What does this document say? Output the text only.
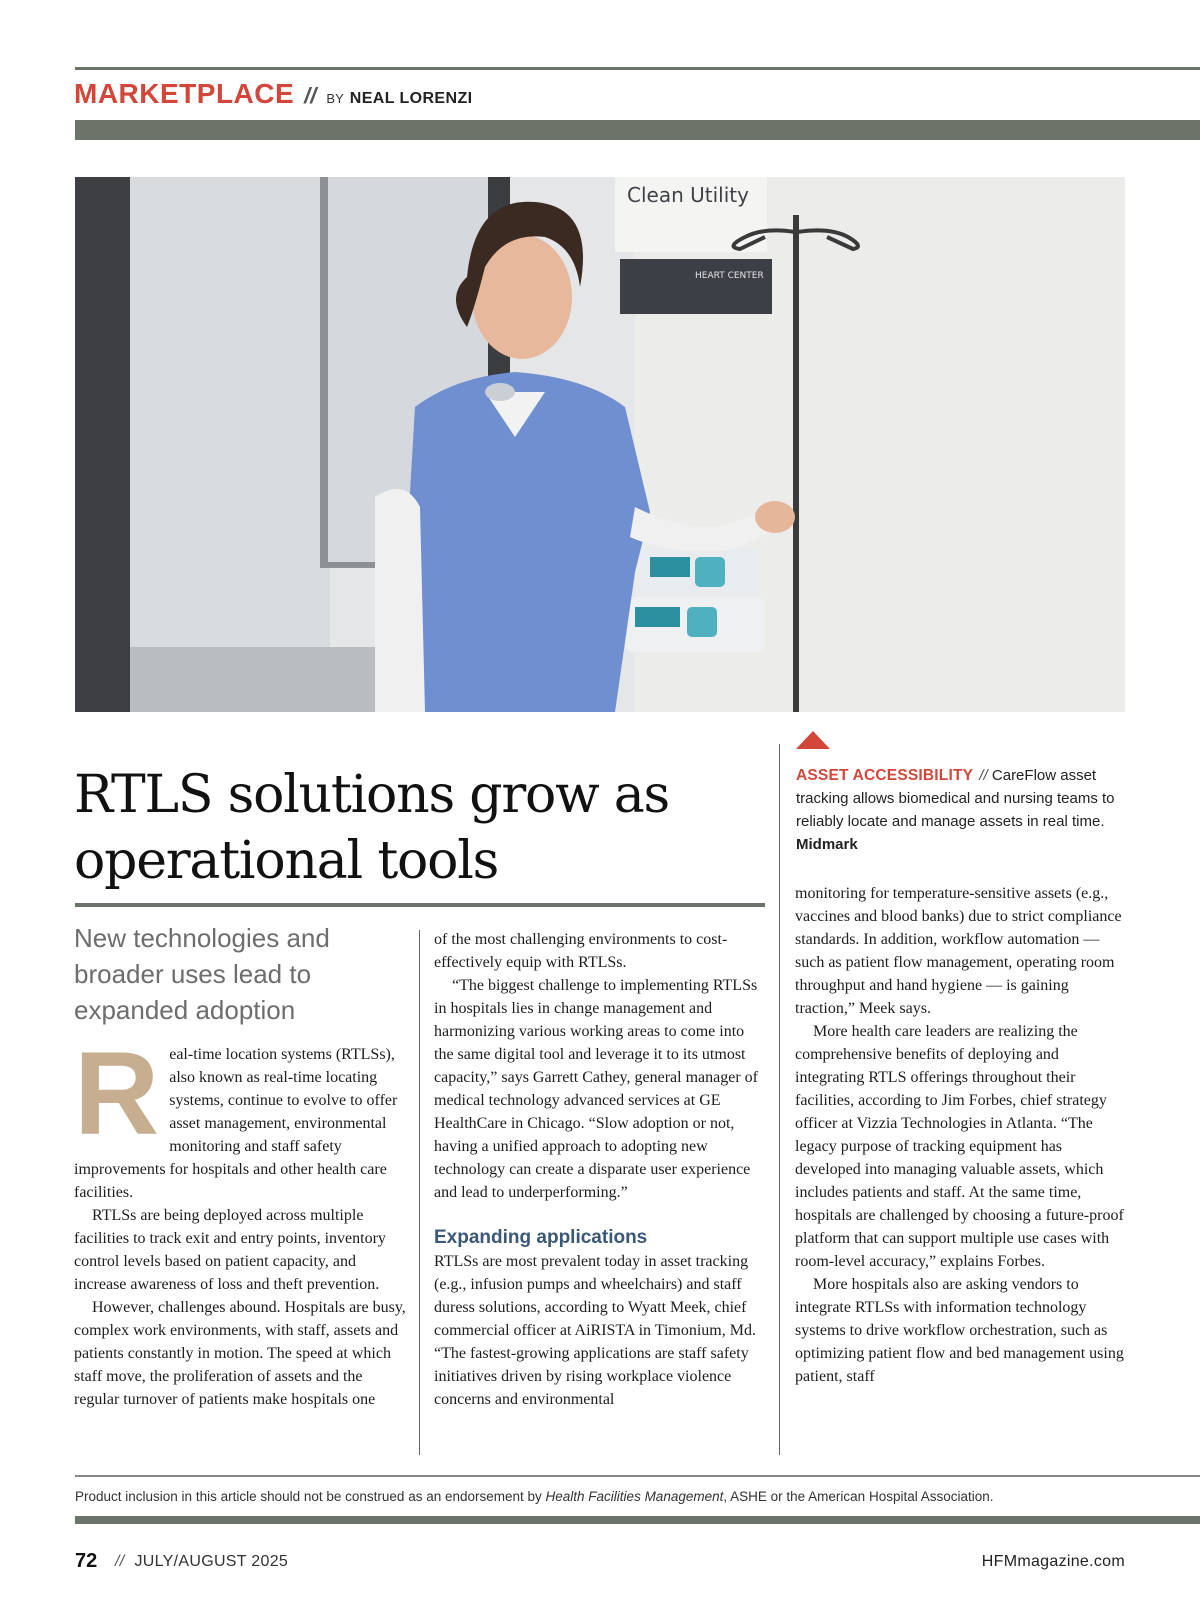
MARKETPLACE // BY NEAL LORENZI
Clean Utility
HEART CENTER
ASSET ACCESSIBILITY // CareFlow asset tracking allows biomedical and nursing teams to reliably locate and manage assets in real time. Midmark
RTLS solutions grow as operational tools
New technologies and broader uses lead to expanded adoption
R eal-time location systems (RTLSs), also known as real-time locating systems, continue to evolve to offer asset management, environmental monitoring and staff safety improvements for hospitals and other health care facilities.

RTLSs are being deployed across multiple facilities to track exit and entry points, inventory control levels based on patient capacity, and increase awareness of loss and theft prevention.

However, challenges abound. Hospitals are busy, complex work environments, with staff, assets and patients constantly in motion. The speed at which staff move, the proliferation of assets and the regular turnover of patients make hospitals one

of the most challenging environments to cost-effectively equip with RTLSs.

“The biggest challenge to implementing RTLSs in hospitals lies in change management and harmonizing various working areas to come into the same digital tool and leverage it to its utmost capacity,” says Garrett Cathey, general manager of medical technology advanced services at GE HealthCare in Chicago. “Slow adoption or not, having a unified approach to adopting new technology can create a disparate user experience and lead to underperforming.”

Expanding applications

RTLSs are most prevalent today in asset tracking (e.g., infusion pumps and wheelchairs) and staff duress solutions, according to Wyatt Meek, chief commercial officer at AiRISTA in Timonium, Md. “The fastest-growing applications are staff safety initiatives driven by rising workplace violence concerns and environmental

monitoring for temperature-sensitive assets (e.g., vaccines and blood banks) due to strict compliance standards. In addition, workflow automation — such as patient flow management, operating room throughput and hand hygiene — is gaining traction,” Meek says.

More health care leaders are realizing the comprehensive benefits of deploying and integrating RTLS offerings throughout their facilities, according to Jim Forbes, chief strategy officer at Vizzia Technologies in Atlanta. “The legacy purpose of tracking equipment has developed into managing valuable assets, which includes patients and staff. At the same time, hospitals are challenged by choosing a future-proof platform that can support multiple use cases with room-level accuracy,” explains Forbes.

More hospitals also are asking vendors to integrate RTLSs with information technology systems to drive workflow orchestration, such as optimizing patient flow and bed management using patient, staff

Product inclusion in this article should not be construed as an endorsement by Health Facilities Management, ASHE or the American Hospital Association.
72 // JULY/AUGUST 2025	HFMmagazine.com
